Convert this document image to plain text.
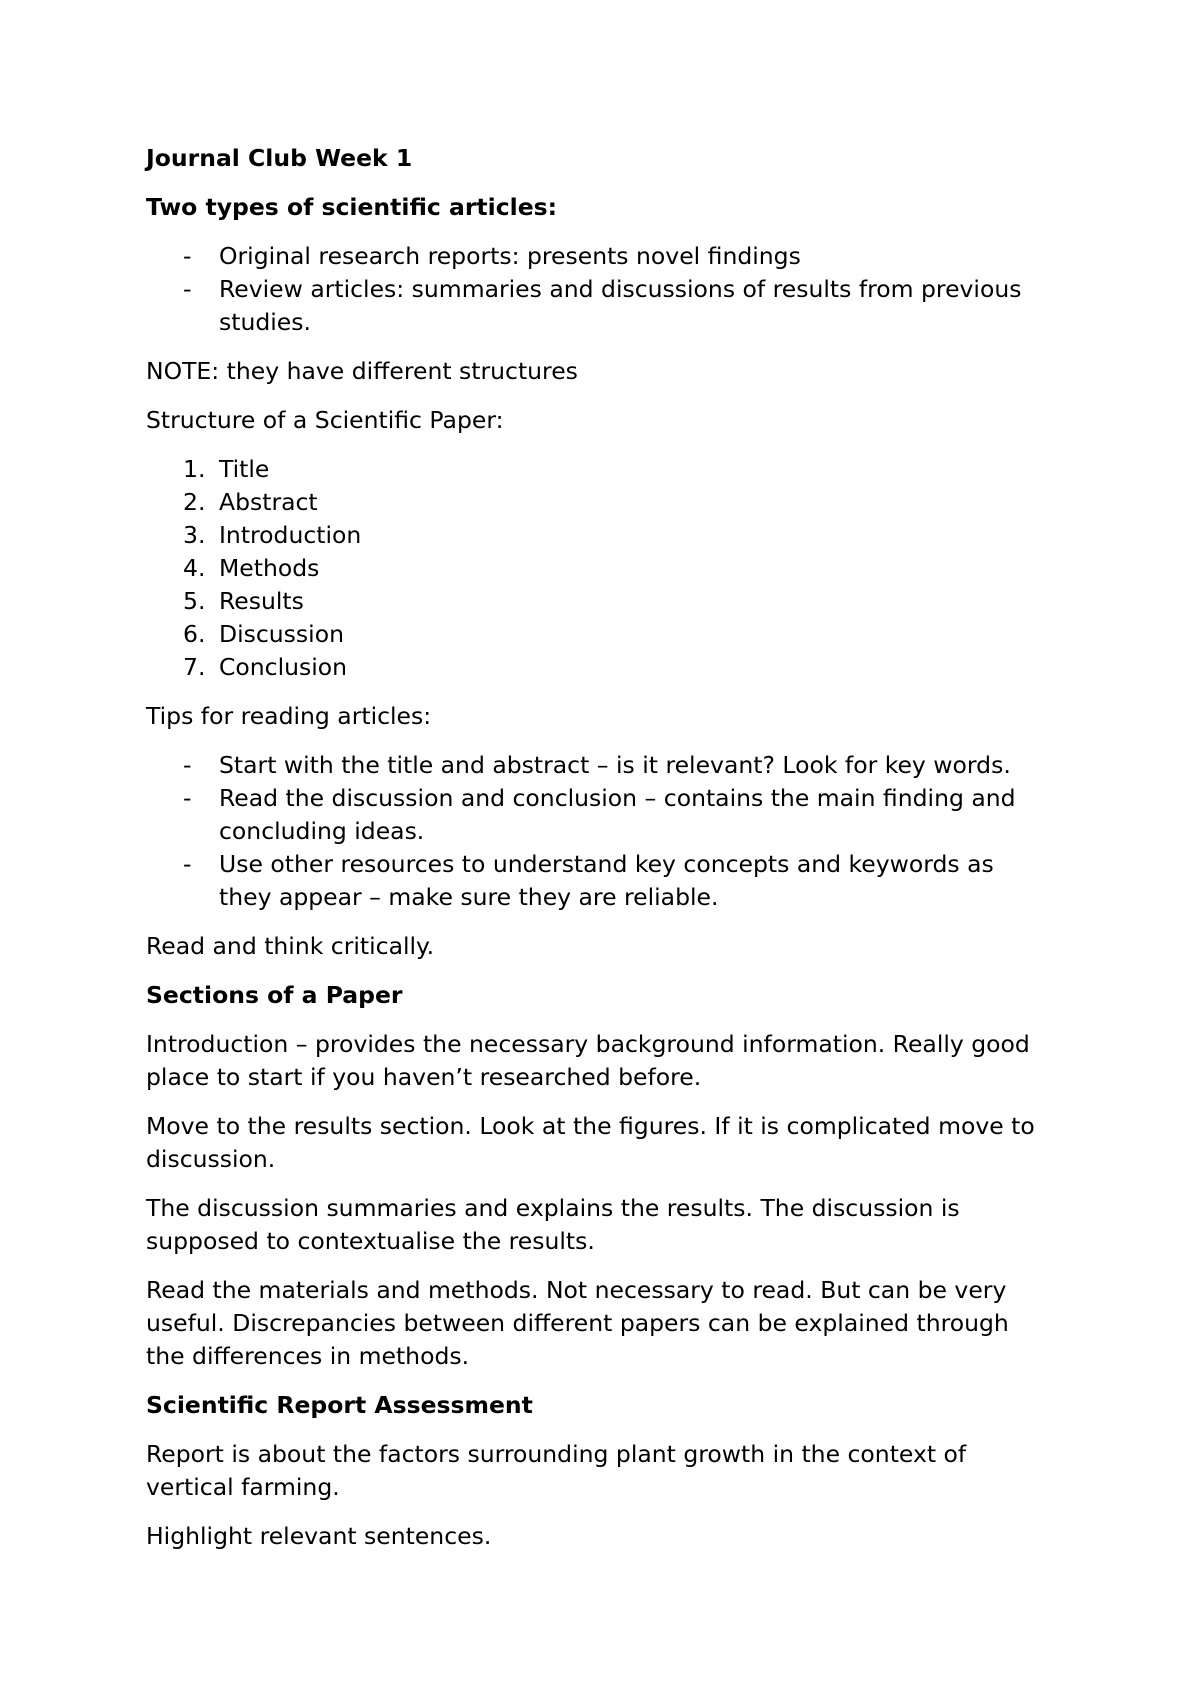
Journal Club Week 1

Two types of scientific articles:

- Original research reports: presents novel findings
- Review articles: summaries and discussions of results from previous studies.

NOTE: they have different structures

Structure of a Scientific Paper:

1. Title
2. Abstract
3. Introduction
4. Methods
5. Results
6. Discussion
7. Conclusion

Tips for reading articles:

- Start with the title and abstract – is it relevant? Look for key words.
- Read the discussion and conclusion – contains the main finding and concluding ideas.
- Use other resources to understand key concepts and keywords as they appear – make sure they are reliable.

Read and think critically.

Sections of a Paper

Introduction – provides the necessary background information. Really good place to start if you haven’t researched before.

Move to the results section. Look at the figures. If it is complicated move to discussion.

The discussion summaries and explains the results. The discussion is supposed to contextualise the results.

Read the materials and methods. Not necessary to read. But can be very useful. Discrepancies between different papers can be explained through the differences in methods.

Scientific Report Assessment

Report is about the factors surrounding plant growth in the context of vertical farming.

Highlight relevant sentences.
